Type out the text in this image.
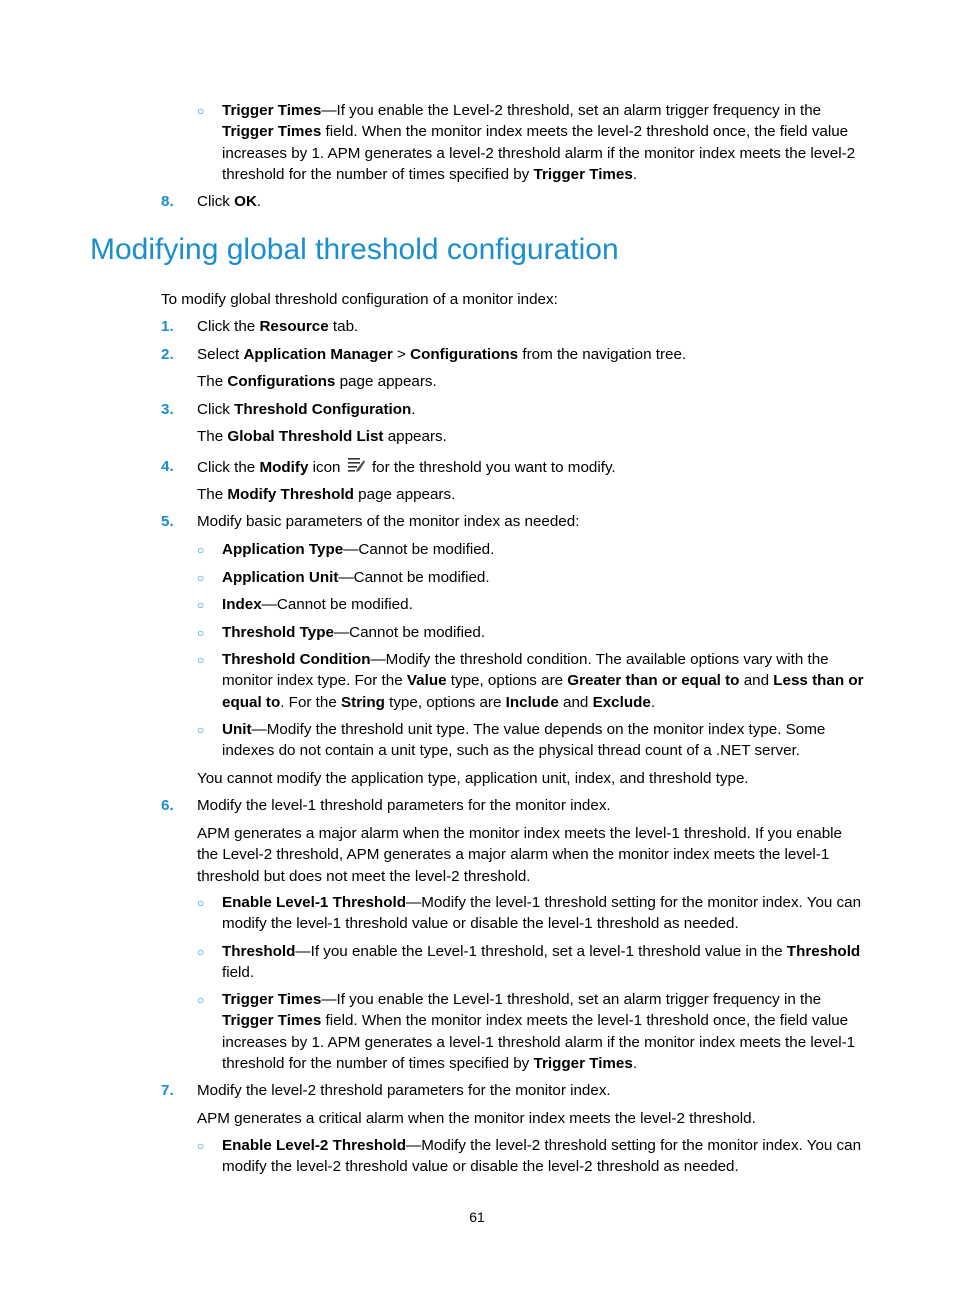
○	Trigger Times—If you enable the Level-2 threshold, set an alarm trigger frequency in the Trigger Times field. When the monitor index meets the level-2 threshold once, the field value increases by 1. APM generates a level-2 threshold alarm if the monitor index meets the level-2 threshold for the number of times specified by Trigger Times.

8.	Click OK.

Modifying global threshold configuration

To modify global threshold configuration of a monitor index:

1.	Click the Resource tab.

2.	Select Application Manager > Configurations from the navigation tree.

The Configurations page appears.

3.	Click Threshold Configuration.

The Global Threshold List appears.

4.	Click the Modify icon  for the threshold you want to modify.

The Modify Threshold page appears.

5.	Modify basic parameters of the monitor index as needed:

○	Application Type—Cannot be modified.

○	Application Unit—Cannot be modified.

○	Index—Cannot be modified.

○	Threshold Type—Cannot be modified.

○	Threshold Condition—Modify the threshold condition. The available options vary with the monitor index type. For the Value type, options are Greater than or equal to and Less than or equal to. For the String type, options are Include and Exclude.

○	Unit—Modify the threshold unit type. The value depends on the monitor index type. Some indexes do not contain a unit type, such as the physical thread count of a .NET server.

You cannot modify the application type, application unit, index, and threshold type.

6.	Modify the level-1 threshold parameters for the monitor index.

APM generates a major alarm when the monitor index meets the level-1 threshold. If you enable the Level-2 threshold, APM generates a major alarm when the monitor index meets the level-1 threshold but does not meet the level-2 threshold.

○	Enable Level-1 Threshold—Modify the level-1 threshold setting for the monitor index. You can modify the level-1 threshold value or disable the level-1 threshold as needed.

○	Threshold—If you enable the Level-1 threshold, set a level-1 threshold value in the Threshold field.

○	Trigger Times—If you enable the Level-1 threshold, set an alarm trigger frequency in the Trigger Times field. When the monitor index meets the level-1 threshold once, the field value increases by 1. APM generates a level-1 threshold alarm if the monitor index meets the level-1 threshold for the number of times specified by Trigger Times.

7.	Modify the level-2 threshold parameters for the monitor index.

APM generates a critical alarm when the monitor index meets the level-2 threshold.

○	Enable Level-2 Threshold—Modify the level-2 threshold setting for the monitor index. You can modify the level-2 threshold value or disable the level-2 threshold as needed.

61
